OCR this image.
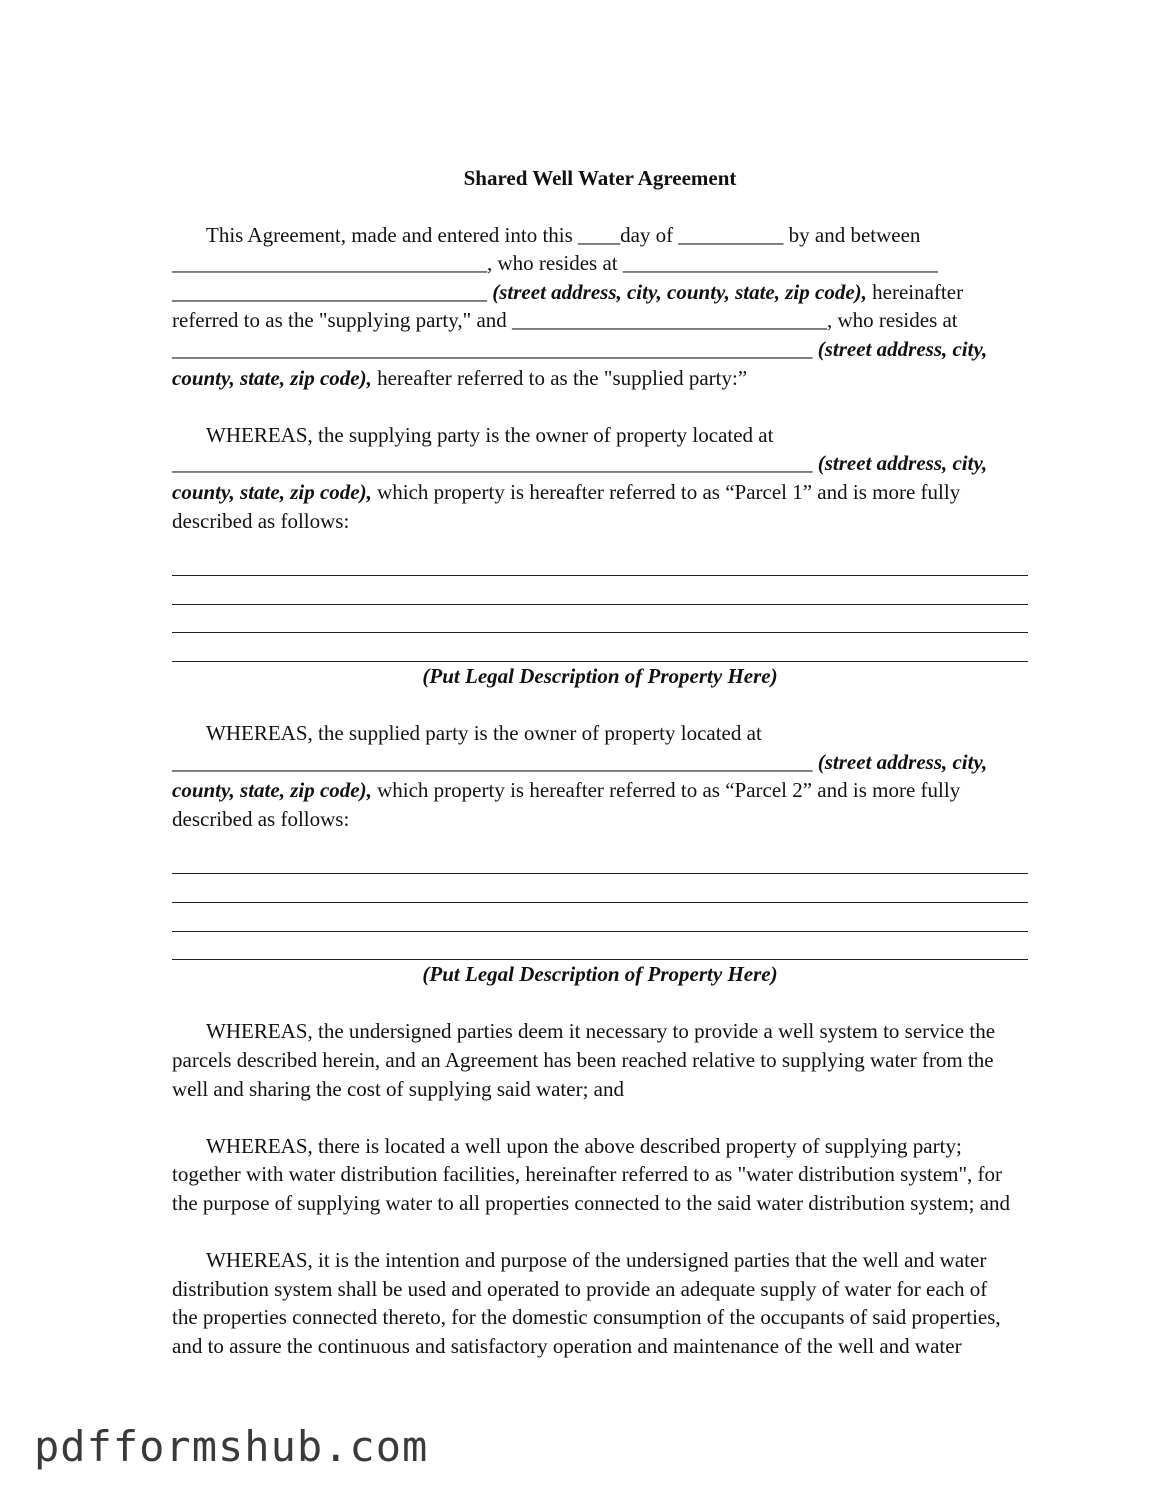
Shared Well Water Agreement
This Agreement, made and entered into this ____day of __________ by and between
______________________________, who resides at ______________________________
______________________________ (street address, city, county, state, zip code), hereinafter
referred to as the "supplying party," and ______________________________, who resides at
_____________________________________________________________ (street address, city,
county, state, zip code), hereafter referred to as the "supplied party:”
WHEREAS, the supplying party is the owner of property located at
_____________________________________________________________ (street address, city,
county, state, zip code), which property is hereafter referred to as “Parcel 1” and is more fully
described as follows:
(Put Legal Description of Property Here)
WHEREAS, the supplied party is the owner of property located at
_____________________________________________________________ (street address, city,
county, state, zip code), which property is hereafter referred to as “Parcel 2” and is more fully
described as follows:
(Put Legal Description of Property Here)
WHEREAS, the undersigned parties deem it necessary to provide a well system to service the
parcels described herein, and an Agreement has been reached relative to supplying water from the
well and sharing the cost of supplying said water; and
WHEREAS, there is located a well upon the above described property of supplying party;
together with water distribution facilities, hereinafter referred to as "water distribution system", for
the purpose of supplying water to all properties connected to the said water distribution system; and
WHEREAS, it is the intention and purpose of the undersigned parties that the well and water
distribution system shall be used and operated to provide an adequate supply of water for each of
the properties connected thereto, for the domestic consumption of the occupants of said properties,
and to assure the continuous and satisfactory operation and maintenance of the well and water
pdfformshub.com
